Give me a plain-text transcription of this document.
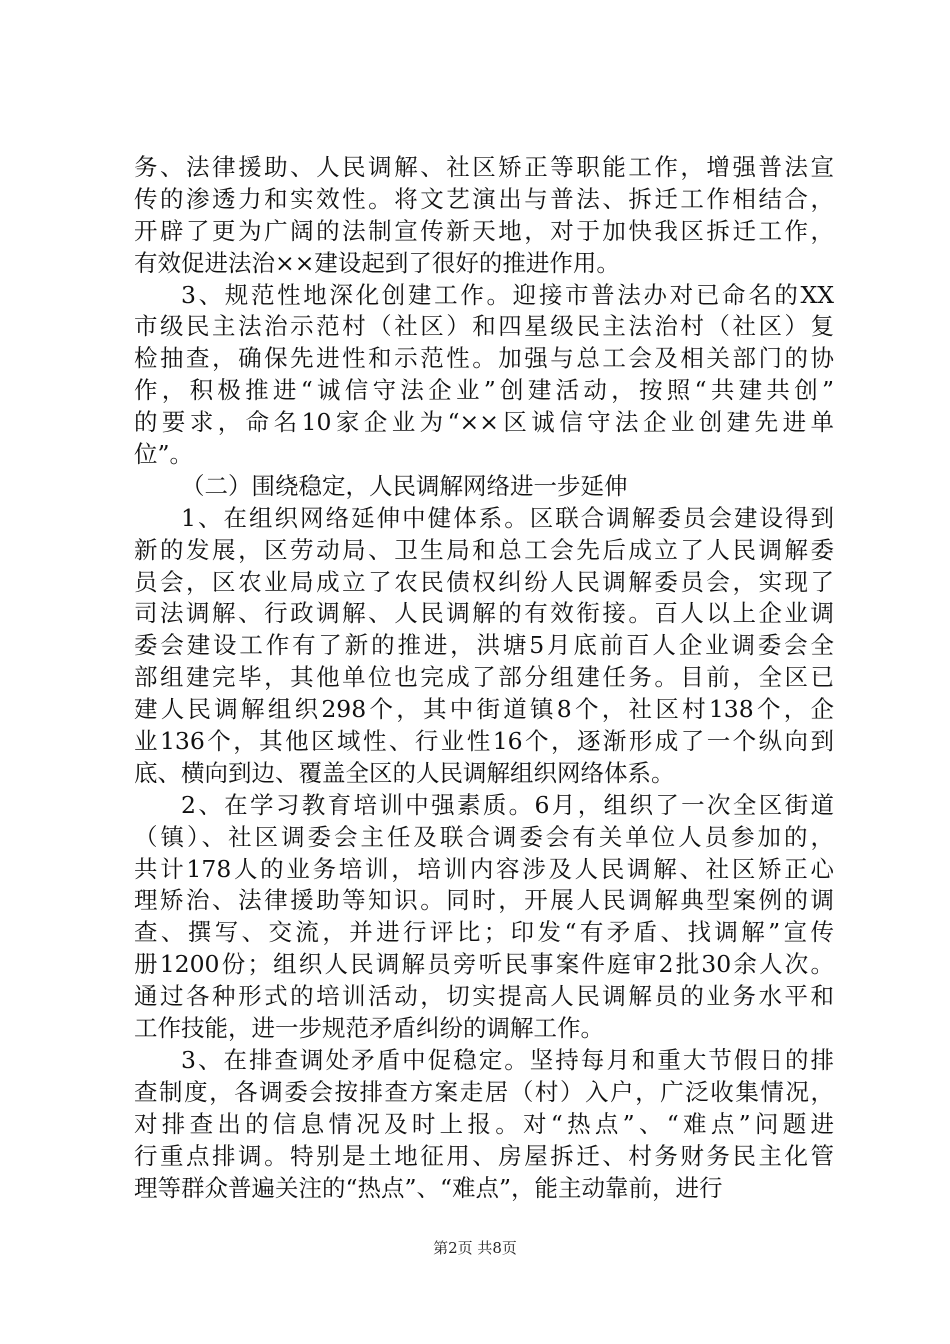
务、法律援助、人民调解、社区矫正等职能工作，增强普法宣
传的渗透力和实效性。将文艺演出与普法、拆迁工作相结合，
开辟了更为广阔的法制宣传新天地，对于加快我区拆迁工作，
有效促进法治××建设起到了很好的推进作用。
3、规范性地深化创建工作。迎接市普法办对已命名的XX
市级民主法治示范村（社区）和四星级民主法治村（社区）复
检抽查，确保先进性和示范性。加强与总工会及相关部门的协
作，积极推进“诚信守法企业”创建活动，按照“共建共创”
的要求，命名10家企业为“××区诚信守法企业创建先进单
位”。
（二）围绕稳定，人民调解网络进一步延伸
1、在组织网络延伸中健体系。区联合调解委员会建设得到
新的发展，区劳动局、卫生局和总工会先后成立了人民调解委
员会，区农业局成立了农民债权纠纷人民调解委员会，实现了
司法调解、行政调解、人民调解的有效衔接。百人以上企业调
委会建设工作有了新的推进，洪塘5月底前百人企业调委会全
部组建完毕，其他单位也完成了部分组建任务。目前，全区已
建人民调解组织298个，其中街道镇8个，社区村138个，企
业136个，其他区域性、行业性16个，逐渐形成了一个纵向到
底、横向到边、覆盖全区的人民调解组织网络体系。
2、在学习教育培训中强素质。6月，组织了一次全区街道
（镇）、社区调委会主任及联合调委会有关单位人员参加的，
共计178人的业务培训，培训内容涉及人民调解、社区矫正心
理矫治、法律援助等知识。同时，开展人民调解典型案例的调
查、撰写、交流，并进行评比；印发“有矛盾、找调解”宣传
册1200份；组织人民调解员旁听民事案件庭审2批30余人次。
通过各种形式的培训活动，切实提高人民调解员的业务水平和
工作技能，进一步规范矛盾纠纷的调解工作。
3、在排查调处矛盾中促稳定。坚持每月和重大节假日的排
查制度，各调委会按排查方案走居（村）入户，广泛收集情况，
对排查出的信息情况及时上报。对“热点”、“难点”问题进
行重点排调。特别是土地征用、房屋拆迁、村务财务民主化管
理等群众普遍关注的“热点”、“难点”，能主动靠前，进行
第2页 共8页
